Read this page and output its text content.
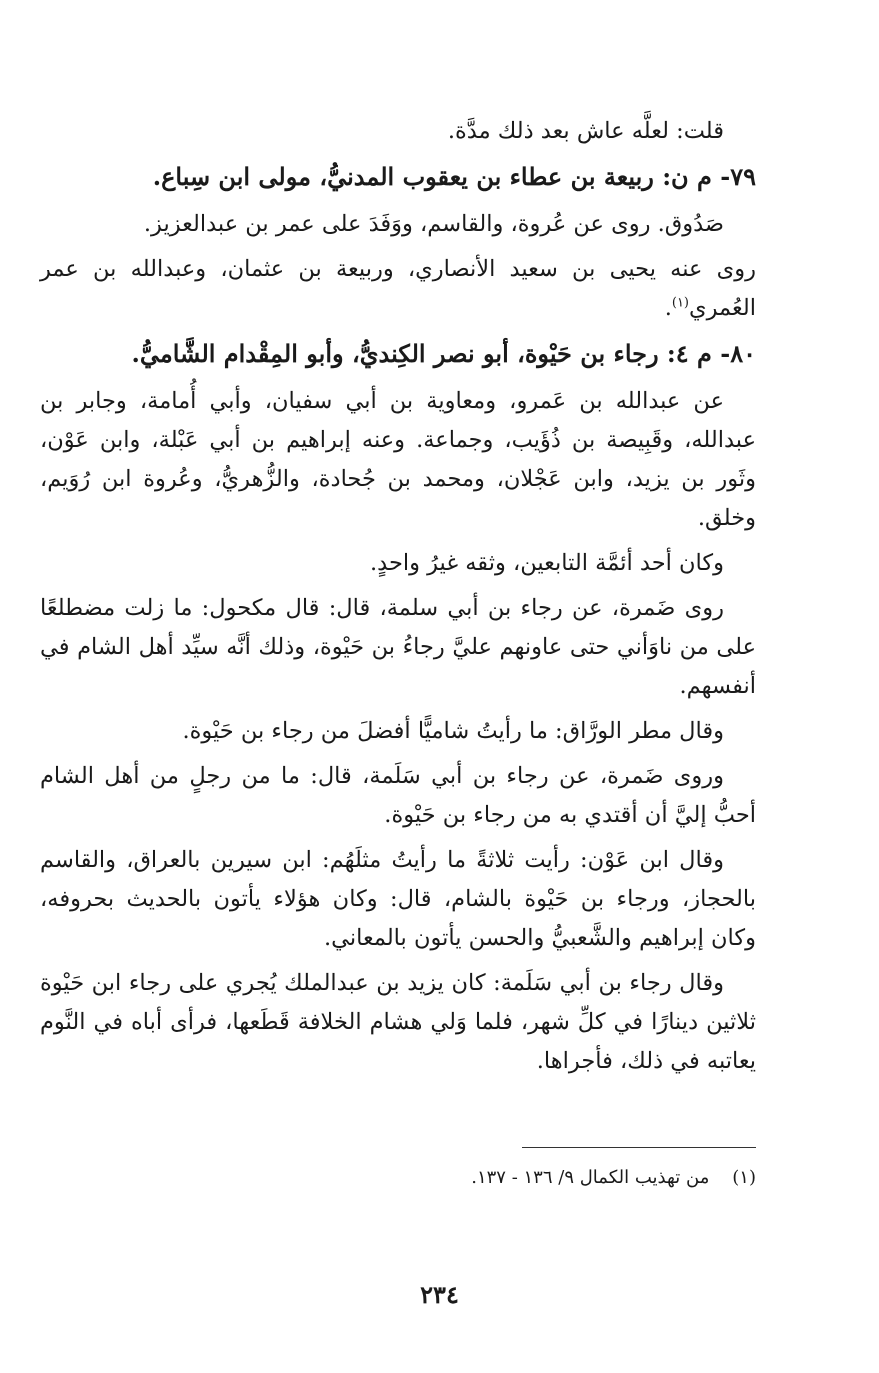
قلت: لعلَّه عاش بعد ذلك مدَّة.

٧٩- م ن: ربيعة بن عطاء بن يعقوب المدنيُّ، مولى ابن سِباع.

صَدُوق. روى عن عُروة، والقاسم، ووَفَدَ على عمر بن عبدالعزيز.

روى عنه يحيى بن سعيد الأنصاري، وربيعة بن عثمان، وعبدالله بن عمر العُمري$^{(١)}$.

٨٠- م ٤: رجاء بن حَيْوة، أبو نصر الكِنديُّ، وأبو المِقْدام الشَّاميُّ.

عن عبدالله بن عَمرو، ومعاوية بن أبي سفيان، وأبي أُمامة، وجابر بن عبدالله، وقَبِيصة بن ذُؤَيب، وجماعة. وعنه إبراهيم بن أبي عَبْلة، وابن عَوْن، وثَور بن يزيد، وابن عَجْلان، ومحمد بن جُحادة، والزُّهريُّ، وعُروة ابن رُوَيم، وخلق.

وكان أحد أئمَّة التابعين، وثقه غيرُ واحدٍ.

روى ضَمرة، عن رجاء بن أبي سلمة، قال: قال مكحول: ما زلت مضطلعًا على من ناوَأني حتى عاونهم عليَّ رجاءُ بن حَيْوة، وذلك أنَّه سيِّد أهل الشام في أنفسهم.

وقال مطر الورَّاق: ما رأيتُ شاميًّا أفضلَ من رجاء بن حَيْوة.

وروى ضَمرة، عن رجاء بن أبي سَلَمة، قال: ما من رجلٍ من أهل الشام أحبُّ إليَّ أن أقتدي به من رجاء بن حَيْوة.

وقال ابن عَوْن: رأيت ثلاثةً ما رأيتُ مثلَهُم: ابن سيرين بالعراق، والقاسم بالحجاز، ورجاء بن حَيْوة بالشام، قال: وكان هؤلاء يأتون بالحديث بحروفه، وكان إبراهيم والشَّعبيُّ والحسن يأتون بالمعاني.

وقال رجاء بن أبي سَلَمة: كان يزيد بن عبدالملك يُجري على رجاء ابن حَيْوة ثلاثين دينارًا في كلِّ شهر، فلما وَلي هشام الخلافة قَطَعها، فرأى أباه في النَّوم يعاتبه في ذلك، فأجراها.

(١)    من تهذيب الكمال ٩/ ١٣٦ - ١٣٧.
٢٣٤
